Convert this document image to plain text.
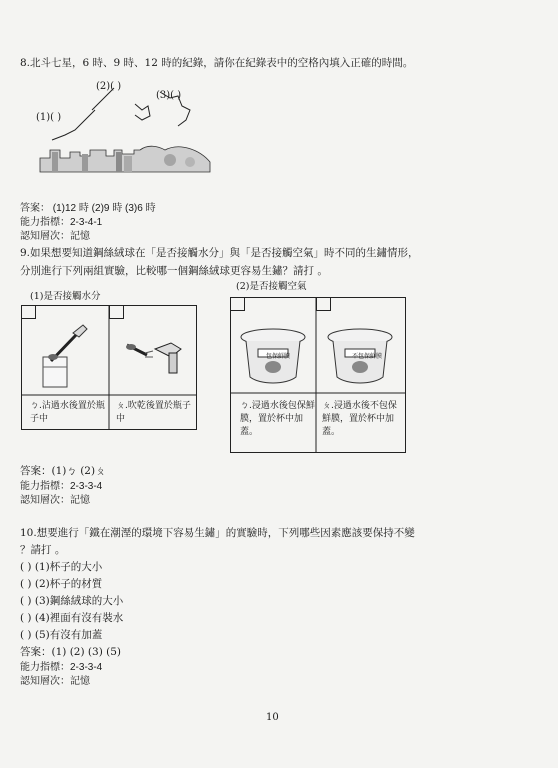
8.北斗七星，6 時、9 時、12 時的紀錄，請你在紀錄表中的空格內填入正確的時間。
(2)( )
(3)( )
(1)( )
答案： (1)12 時 (2)9 時 (3)6 時
能力指標：2-3-4-1
認知層次：記憶
9.如果想要知道鋼絲絨球在「是否接觸水分」與「是否接觸空氣」時不同的生鏽情形，
分別進行下列兩組實驗，比較哪一個鋼絲絨球更容易生鏽？請打 。
(1)是否接觸水分
(2)是否接觸空氣
ㄅ.沾過水後置於瓶子中
ㄆ.吹乾後置於瓶子中
ㄅ.浸過水後包保鮮膜，置於杯中加蓋。
ㄆ.浸過水後不包保鮮膜，置於杯中加蓋。
包保鮮膜	不包保鮮膜
答案：(1)ㄅ (2)ㄆ
能力指標：2-3-3-4
認知層次：記憶
10.想要進行「鐵在潮溼的環境下容易生鏽」的實驗時，下列哪些因素應該要保持不變
？請打 。
( ) (1)杯子的大小
( ) (2)杯子的材質
( ) (3)鋼絲絨球的大小
( ) (4)裡面有沒有裝水
( ) (5)有沒有加蓋
答案：(1) (2) (3) (5)
能力指標：2-3-3-4
認知層次：記憶
10
